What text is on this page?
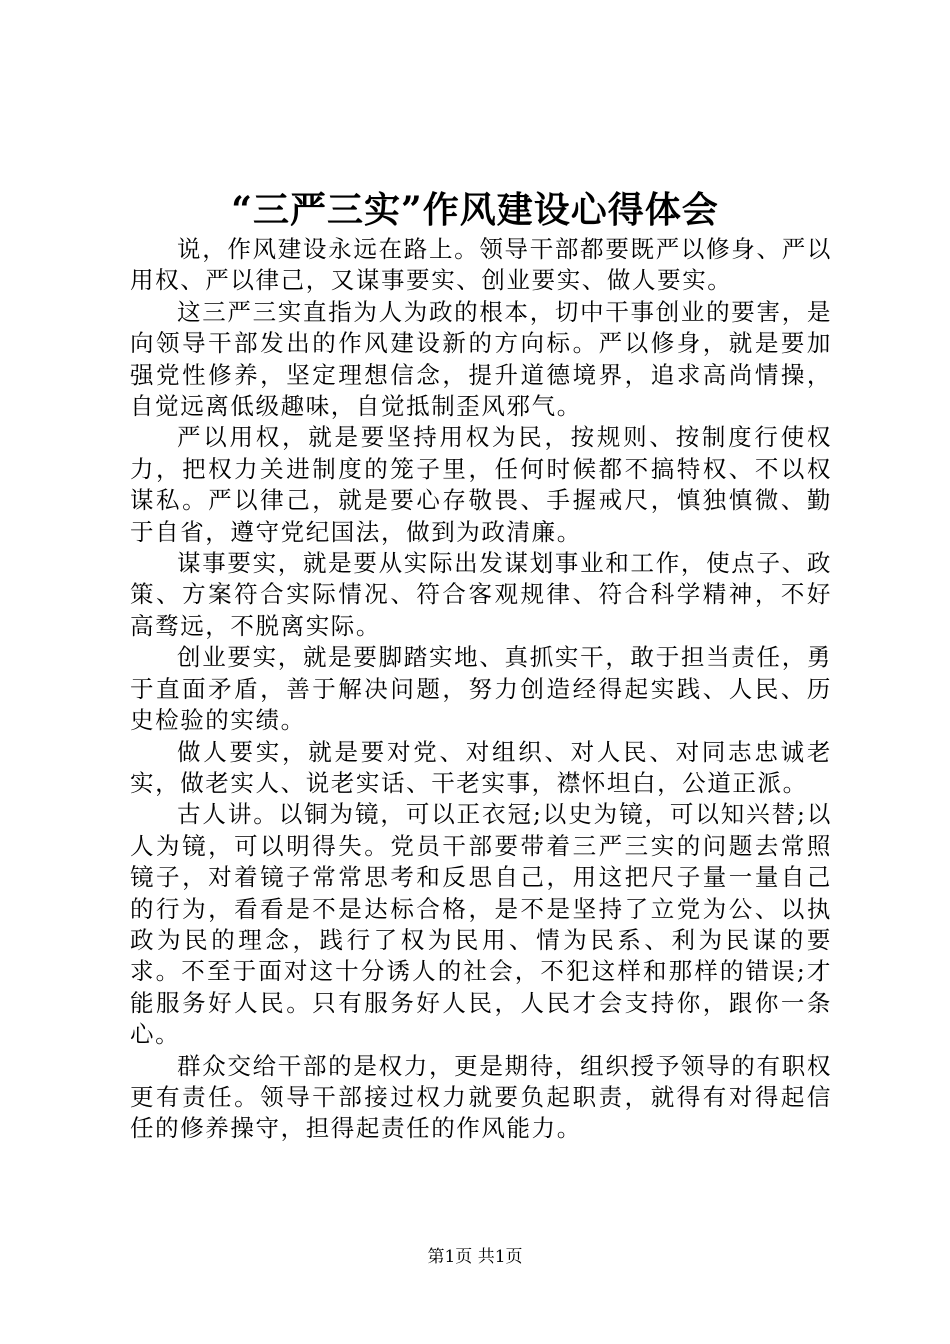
“三严三实”作风建设心得体会

说，作风建设永远在路上。领导干部都要既严以修身、严以用权、严以律己，又谋事要实、创业要实、做人要实。

这三严三实直指为人为政的根本，切中干事创业的要害，是向领导干部发出的作风建设新的方向标。严以修身，就是要加强党性修养，坚定理想信念，提升道德境界，追求高尚情操，自觉远离低级趣味，自觉抵制歪风邪气。

严以用权，就是要坚持用权为民，按规则、按制度行使权力，把权力关进制度的笼子里，任何时候都不搞特权、不以权谋私。严以律己，就是要心存敬畏、手握戒尺，慎独慎微、勤于自省，遵守党纪国法，做到为政清廉。

谋事要实，就是要从实际出发谋划事业和工作，使点子、政策、方案符合实际情况、符合客观规律、符合科学精神，不好高骛远，不脱离实际。

创业要实，就是要脚踏实地、真抓实干，敢于担当责任，勇于直面矛盾，善于解决问题，努力创造经得起实践、人民、历史检验的实绩。

做人要实，就是要对党、对组织、对人民、对同志忠诚老实，做老实人、说老实话、干老实事，襟怀坦白，公道正派。

古人讲。以铜为镜，可以正衣冠;以史为镜，可以知兴替;以人为镜，可以明得失。党员干部要带着三严三实的问题去常照镜子，对着镜子常常思考和反思自己，用这把尺子量一量自己的行为，看看是不是达标合格，是不是坚持了立党为公、以执政为民的理念，践行了权为民用、情为民系、利为民谋的要求。不至于面对这十分诱人的社会，不犯这样和那样的错误;才能服务好人民。只有服务好人民，人民才会支持你，跟你一条心。

群众交给干部的是权力，更是期待，组织授予领导的有职权更有责任。领导干部接过权力就要负起职责，就得有对得起信任的修养操守，担得起责任的作风能力。

第1页 共1页
